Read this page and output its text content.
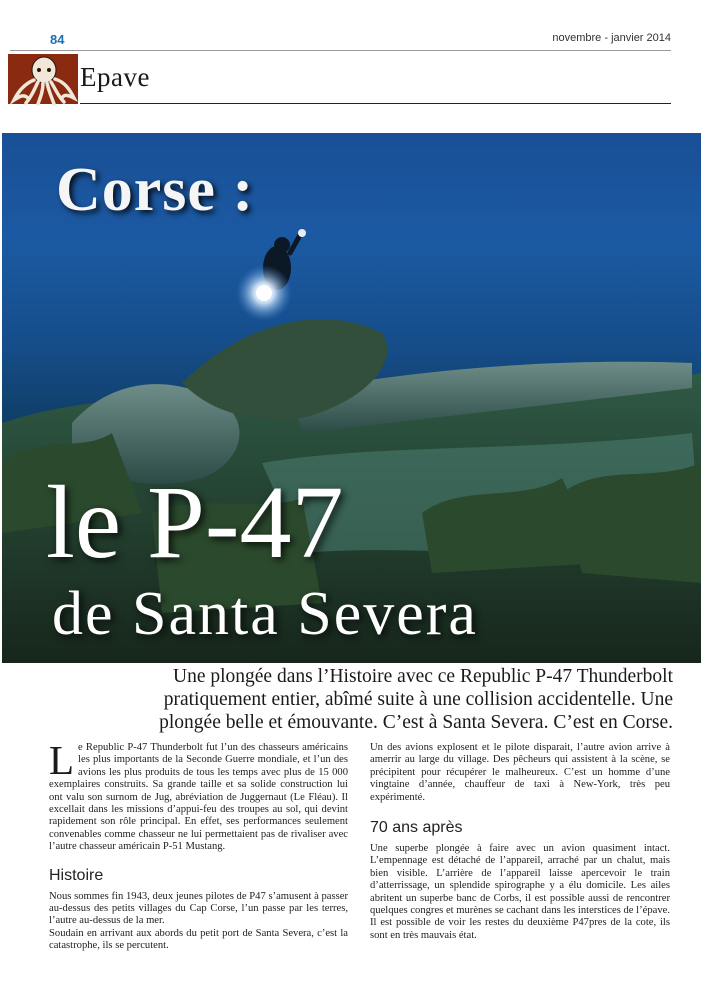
84	novembre - janvier 2014
Epave
Corse :
le P-47
de Santa Severa
Une plongée dans l’Histoire avec ce Republic P-47 Thunderbolt pratiquement entier, abîmé suite à une collision accidentelle. Une plongée belle et émouvante. C’est à Santa Severa. C’est en Corse.

Le Republic P-47 Thunderbolt fut l’un des chasseurs américains les plus importants de la Seconde Guerre mondiale, et l’un des avions les plus produits de tous les temps avec plus de 15 000 exemplaires construits. Sa grande taille et sa solide construction lui ont valu son surnom de Jug, abréviation de Juggernaut (Le Fléau). Il excellait dans les missions d’appui-feu des troupes au sol, qui devint rapidement son rôle principal. En effet, ses performances seulement convenables comme chasseur ne lui permettaient pas de rivaliser avec l’autre chasseur américain P-51 Mustang.

Histoire

Nous sommes fin 1943, deux jeunes pilotes de P47 s’amusent à passer au-dessus des petits villages du Cap Corse, l’un passe par les terres, l’autre au-dessus de la mer.

Soudain en arrivant aux abords du petit port de Santa Severa, c’est la catastrophe, ils se percutent.

Un des avions explosent et le pilote disparait, l’autre avion arrive à amerrir au large du village. Des pêcheurs qui assistent à la scène, se précipitent pour récupérer le malheureux. C’est un homme d’une vingtaine d’année, chauffeur de taxi à New-York, très peu expérimenté.

70 ans après

Une superbe plongée à faire avec un avion quasiment intact. L’empennage est détaché de l’appareil, arraché par un chalut, mais bien visible. L’arrière de l’appareil laisse apercevoir le train d’atterrissage, un splendide spirographe y a élu domicile. Les ailes abritent un superbe banc de Corbs, il est possible aussi de rencontrer quelques congres et murènes se cachant dans les interstices de l’épave. Il est possible de voir les restes du deuxième P47pres de la cote, ils sont en très mauvais état.
